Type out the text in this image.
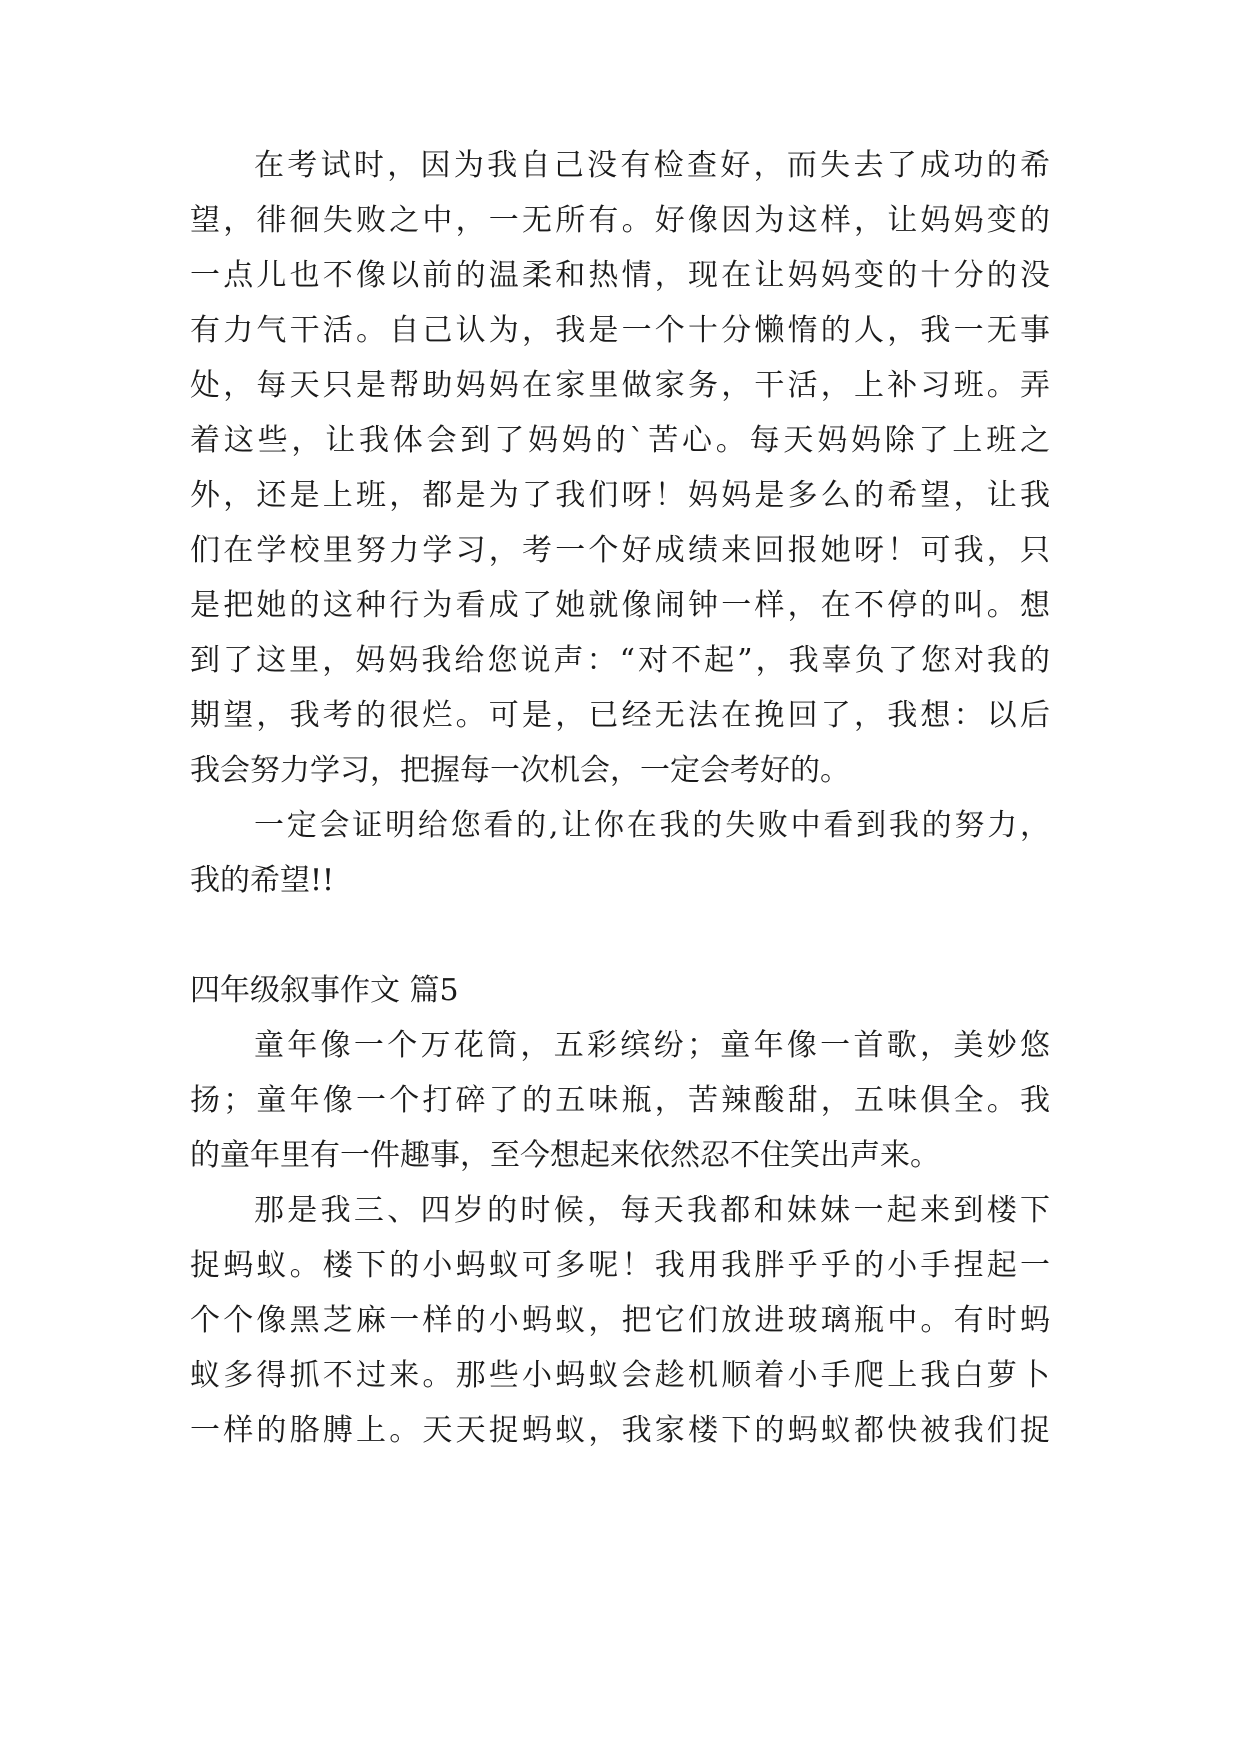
在考试时，因为我自己没有检查好，而失去了成功的希
望，徘徊失败之中，一无所有。好像因为这样，让妈妈变的
一点儿也不像以前的温柔和热情，现在让妈妈变的十分的没
有力气干活。自己认为，我是一个十分懒惰的人，我一无事
处，每天只是帮助妈妈在家里做家务，干活，上补习班。弄
着这些，让我体会到了妈妈的`苦心。每天妈妈除了上班之
外，还是上班，都是为了我们呀！妈妈是多么的希望，让我
们在学校里努力学习，考一个好成绩来回报她呀！可我，只
是把她的这种行为看成了她就像闹钟一样，在不停的叫。想
到了这里，妈妈我给您说声：“对不起”，我辜负了您对我的
期望，我考的很烂。可是，已经无法在挽回了，我想：以后
我会努力学习，把握每一次机会，一定会考好的。
一定会证明给您看的,让你在我的失败中看到我的努力，
我的希望!!
四年级叙事作文 篇5
童年像一个万花筒，五彩缤纷；童年像一首歌，美妙悠
扬；童年像一个打碎了的五味瓶，苦辣酸甜，五味俱全。我
的童年里有一件趣事，至今想起来依然忍不住笑出声来。
那是我三、四岁的时候，每天我都和妹妹一起来到楼下
捉蚂蚁。楼下的小蚂蚁可多呢！我用我胖乎乎的小手捏起一
个个像黑芝麻一样的小蚂蚁，把它们放进玻璃瓶中。有时蚂
蚁多得抓不过来。那些小蚂蚁会趁机顺着小手爬上我白萝卜
一样的胳膊上。天天捉蚂蚁，我家楼下的蚂蚁都快被我们捉
